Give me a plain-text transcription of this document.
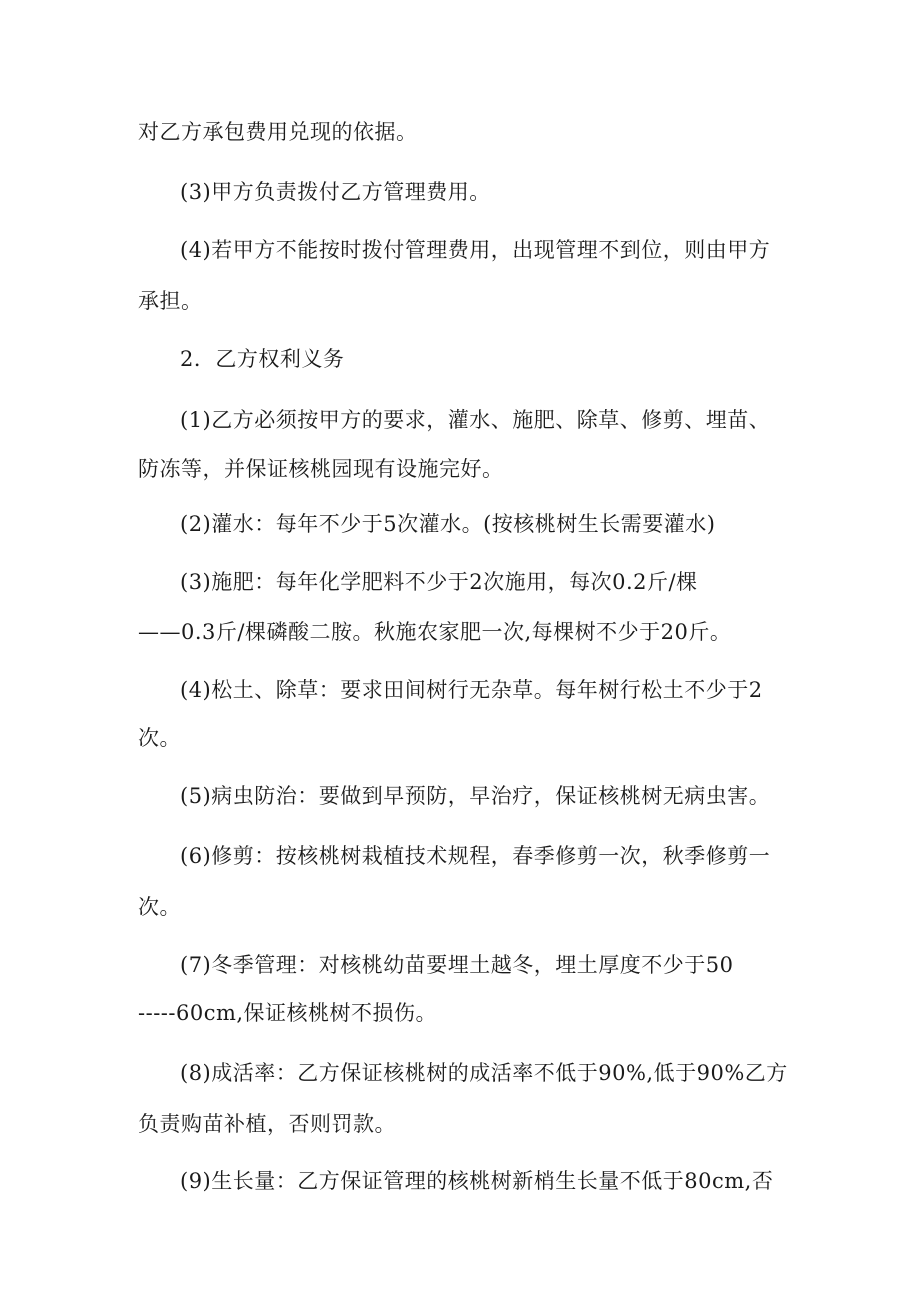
对乙方承包费用兑现的依据。
(3)甲方负责拨付乙方管理费用。
(4)若甲方不能按时拨付管理费用，出现管理不到位，则由甲方
承担。
2．乙方权利义务
(1)乙方必须按甲方的要求，灌水、施肥、除草、修剪、埋苗、
防冻等，并保证核桃园现有设施完好。
(2)灌水：每年不少于5次灌水。(按核桃树生长需要灌水)
(3)施肥：每年化学肥料不少于2次施用，每次0.2斤/棵
——0.3斤/棵磷酸二胺。秋施农家肥一次,每棵树不少于20斤。
(4)松土、除草：要求田间树行无杂草。每年树行松土不少于2
次。
(5)病虫防治：要做到早预防，早治疗，保证核桃树无病虫害。
(6)修剪：按核桃树栽植技术规程，春季修剪一次，秋季修剪一
次。
(7)冬季管理：对核桃幼苗要埋土越冬，埋土厚度不少于50
-----60cm,保证核桃树不损伤。
(8)成活率：乙方保证核桃树的成活率不低于90%,低于90%乙方
负责购苗补植，否则罚款。
(9)生长量：乙方保证管理的核桃树新梢生长量不低于80cm,否
